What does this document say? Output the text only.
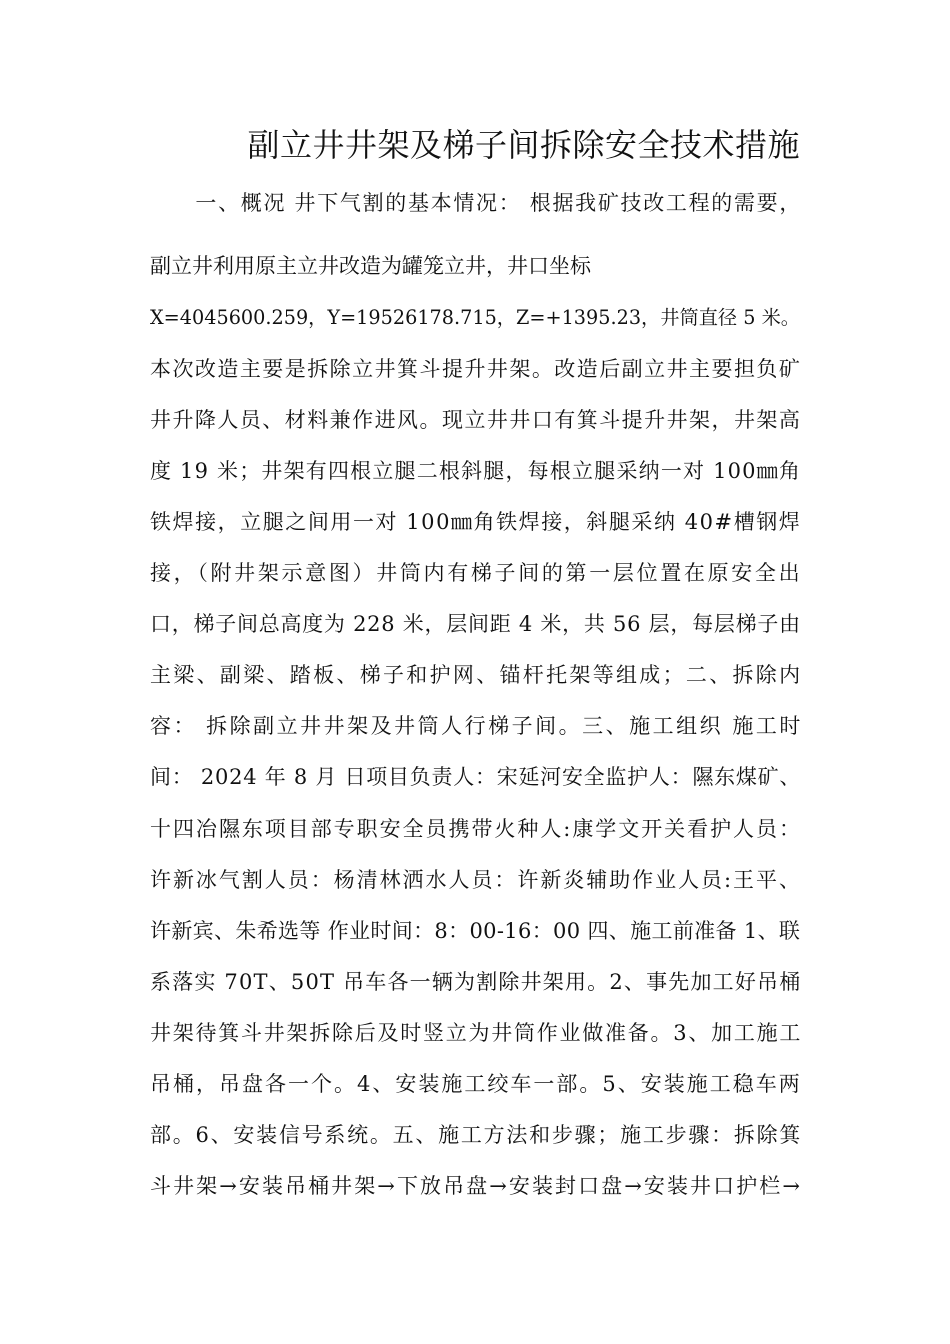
副立井井架及梯子间拆除安全技术措施
　　一、概况 井下气割的基本情况： 根据我矿技改工程的需要，
副立井利用原主立井改造为罐笼立井，井口坐标
X=4045600.259，Y=19526178.715，Z=+1395.23，井筒直径 5 米。
本次改造主要是拆除立井箕斗提升井架。改造后副立井主要担负矿
井升降人员、材料兼作进风。现立井井口有箕斗提升井架，井架高
度 19 米；井架有四根立腿二根斜腿，每根立腿采纳一对 100㎜角
铁焊接，立腿之间用一对 100㎜角铁焊接，斜腿采纳 40#槽钢焊
接，（附井架示意图）井筒内有梯子间的第一层位置在原安全出
口，梯子间总高度为 228 米，层间距 4 米，共 56 层，每层梯子由
主梁、副梁、踏板、梯子和护网、锚杆托架等组成；二、拆除内
容： 拆除副立井井架及井筒人行梯子间。三、施工组织 施工时
间： 2024 年 8 月 日项目负责人：宋延河安全监护人：隰东煤矿、
十四冶隰东项目部专职安全员携带火种人:康学文开关看护人员：
许新冰气割人员：杨清林洒水人员：许新炎辅助作业人员:王平、
许新宾、朱希选等 作业时间：8：00-16：00 四、施工前准备 1、联
系落实 70T、50T 吊车各一辆为割除井架用。2、事先加工好吊桶
井架待箕斗井架拆除后及时竖立为井筒作业做准备。3、加工施工
吊桶，吊盘各一个。4、安装施工绞车一部。5、安装施工稳车两
部。6、安装信号系统。五、施工方法和步骤；施工步骤：拆除箕
斗井架→安装吊桶井架→下放吊盘→安装封口盘→安装井口护栏→
